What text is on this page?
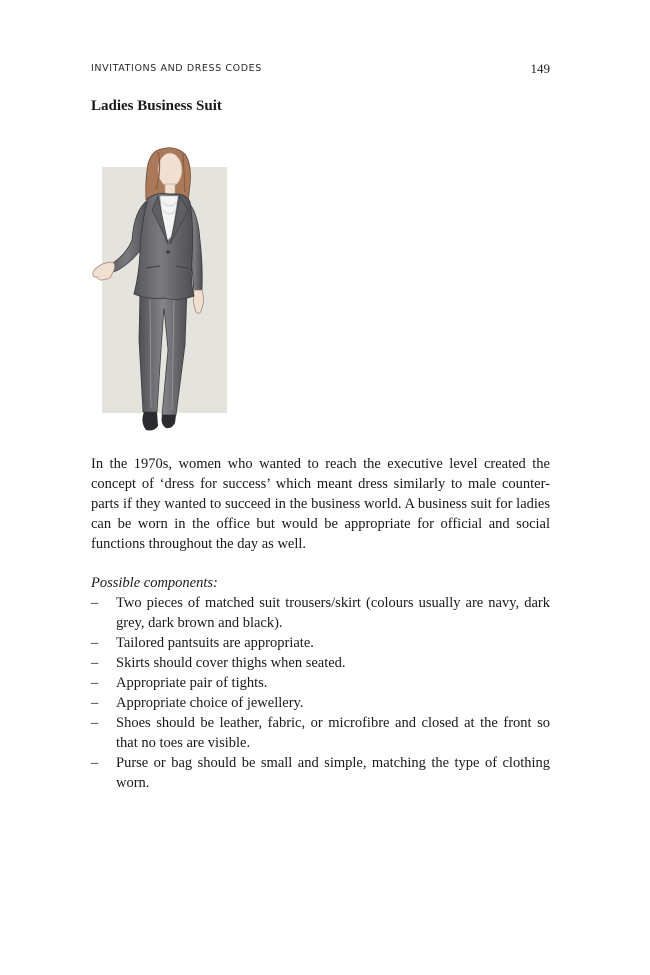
INVITATIONS AND DRESS CODES	149
Ladies Business Suit

In the 1970s, women who wanted to reach the executive level created the concept of ‘dress for success’ which meant dress similarly to male counter-parts if they wanted to succeed in the business world. A business suit for ladies can be worn in the office but would be appropriate for official and social functions throughout the day as well.

Possible components:
– Two pieces of matched suit trousers/skirt (colours usually are navy, dark grey, dark brown and black).
– Tailored pantsuits are appropriate.
– Skirts should cover thighs when seated.
– Appropriate pair of tights.
– Appropriate choice of jewellery.
– Shoes should be leather, fabric, or microfibre and closed at the front so that no toes are visible.
– Purse or bag should be small and simple, matching the type of clothing worn.
